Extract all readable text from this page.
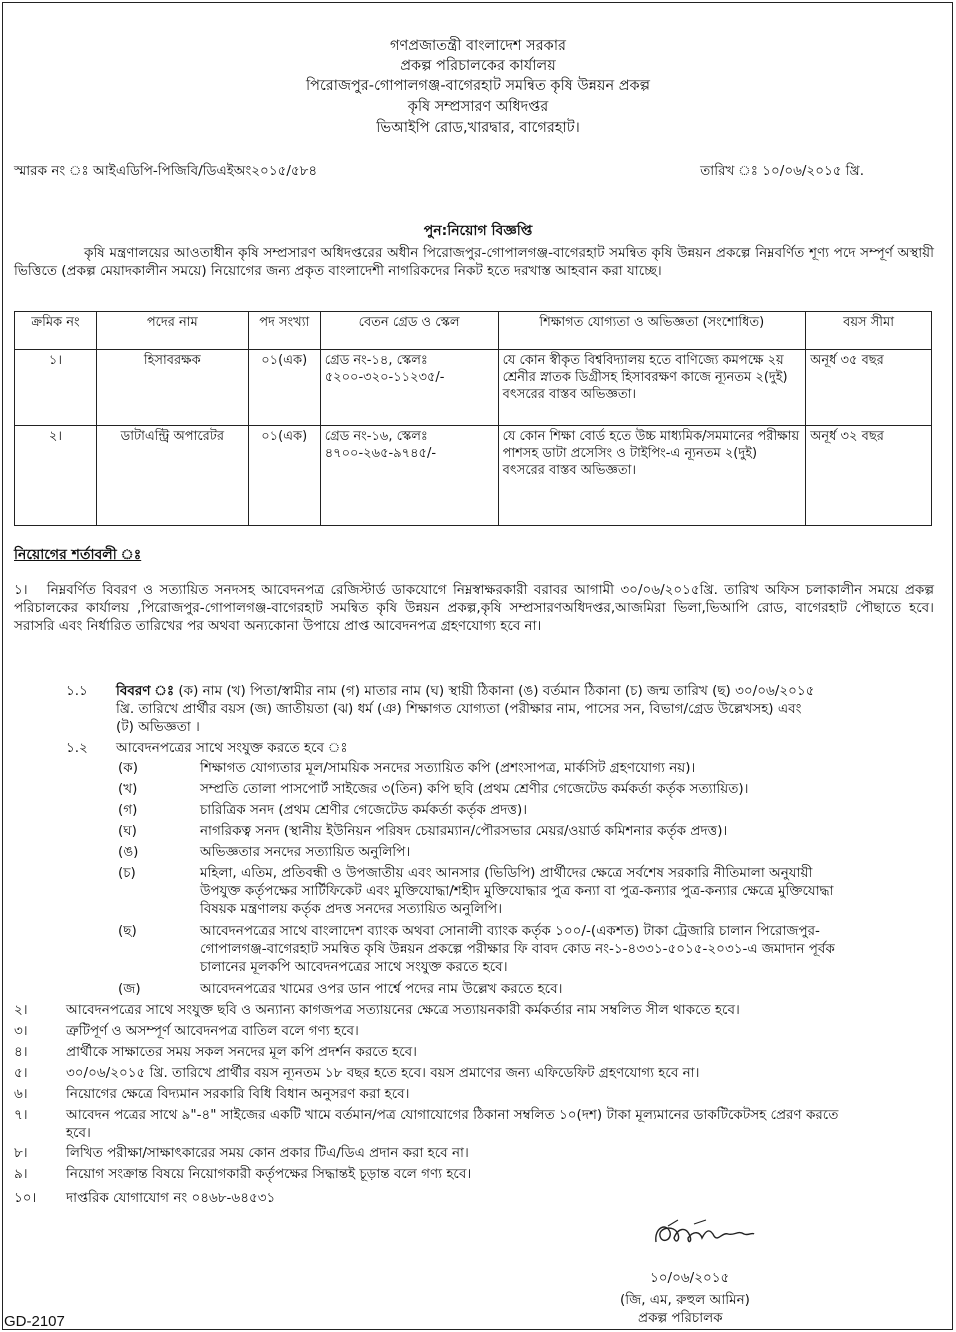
গণপ্রজাতন্ত্রী বাংলাদেশ সরকার
প্রকল্প পরিচালকের কার্যালয়
পিরোজপুর-গোপালগঞ্জ-বাগেরহাট সমন্বিত কৃষি উন্নয়ন প্রকল্প
কৃষি সম্প্রসারণ অধিদপ্তর
ভিআইপি রোড,খারদ্বার, বাগেরহাট।
স্মারক নং ঃ আইএডিপি-পিজিবি/ডিএইঅং২০১৫/৫৮৪	তারিখ ঃ ১০/০৬/২০১৫ খ্রি.
পুন:নিয়োগ বিজ্ঞপ্তি
কৃষি মন্ত্রণালয়ের আওতাধীন কৃষি সম্প্রসারণ অধিদপ্তরের অধীন পিরোজপুর-গোপালগঞ্জ-বাগেরহাট সমন্বিত কৃষি উন্নয়ন প্রকল্পে নিম্নবর্ণিত শূণ্য পদে সম্পূর্ণ অস্থায়ী ভিত্তিতে (প্রকল্প মেয়াদকালীন সময়ে) নিয়োগের জন্য প্রকৃত বাংলাদেশী নাগরিকদের নিকট হতে দরখাস্ত আহবান করা যাচ্ছে।
ক্রমিক নং	পদের নাম	পদ সংখ্যা	বেতন গ্রেড ও স্কেল	শিক্ষাগত যোগ্যতা ও অভিজ্ঞতা (সংশোধিত)	বয়স সীমা
১।	হিসাবরক্ষক	০১(এক)	গ্রেড নং-১৪, স্কেলঃ ৫২০০-৩২০-১১২৩৫/-	যে কোন স্বীকৃত বিশ্ববিদ্যালয় হতে বাণিজ্যে কমপক্ষে ২য় শ্রেনীর স্নাতক ডিগ্রীসহ হিসাবরক্ষণ কাজে ন্যূনতম ২(দুই) বৎসরের বাস্তব অভিজ্ঞতা।	অনূর্ধ ৩৫ বছর
২।	ডাটাএন্ট্রি অপারেটর	০১(এক)	গ্রেড নং-১৬, স্কেলঃ ৪৭০০-২৬৫-৯৭৪৫/-	যে কোন শিক্ষা বোর্ড হতে উচ্চ মাধ্যমিক/সমমানের পরীক্ষায় পাশসহ ডাটা প্রসেসিং ও টাইপিং-এ ন্যূনতম ২(দুই) বৎসরের বাস্তব অভিজ্ঞতা।	অনূর্ধ ৩২ বছর
নিয়োগের শর্তাবলী ঃ
১। নিম্নবর্ণিত বিবরণ ও সত্যায়িত সনদসহ আবেদনপত্র রেজিস্টার্ড ডাকযোগে নিম্নস্বাক্ষরকারী বরাবর আগামী ৩০/০৬/২০১৫খ্রি. তারিখ অফিস চলাকালীন সময়ে প্রকল্প পরিচালকের কার্যালয় ,পিরোজপুর-গোপালগঞ্জ-বাগেরহাট সমন্বিত কৃষি উন্নয়ন প্রকল্প,কৃষি সম্প্রসারণঅধিদপ্তর,আজমিরা ভিলা,ভিআপি রোড, বাগেরহাট পৌছাতে হবে। সরাসরি এবং নির্ধারিত তারিখের পর অথবা অন্যকোনা উপায়ে প্রাপ্ত আবেদনপত্র গ্রহণযোগ্য হবে না।
১.১ বিবরণ ঃ (ক) নাম (খ) পিতা/স্বামীর নাম (গ) মাতার নাম (ঘ) স্থায়ী ঠিকানা (ঙ) বর্তমান ঠিকানা (চ) জন্ম তারিখ (ছ) ৩০/০৬/২০১৫ খ্রি. তারিখে প্রার্থীর বয়স (জ) জাতীয়তা (ঝ) ধর্ম (ঞ) শিক্ষাগত যোগ্যতা (পরীক্ষার নাম, পাসের সন, বিভাগ/গ্রেড উল্লেখসহ) এবং (ট) অভিজ্ঞতা ।
১.২ আবেদনপত্রের সাথে সংযুক্ত করতে হবে ঃ
(ক)	শিক্ষাগত যোগ্যতার মূল/সাময়িক সনদের সত্যায়িত কপি (প্রশংসাপত্র, মার্কসিট গ্রহণযোগ্য নয়)।
(খ)	সম্প্রতি তোলা পাসপোর্ট সাইজের ৩(তিন) কপি ছবি (প্রথম শ্রেণীর গেজেটেড কর্মকর্তা কর্তৃক সত্যায়িত)।
(গ)	চারিত্রিক সনদ (প্রথম শ্রেণীর গেজেটেড কর্মকর্তা কর্তৃক প্রদত্ত)।
(ঘ)	নাগরিকত্ব সনদ (স্থানীয় ইউনিয়ন পরিষদ চেয়ারম্যান/পৌরসভার মেয়র/ওয়ার্ড কমিশনার কর্তৃক প্রদত্ত)।
(ঙ)	অভিজ্ঞতার সনদের সত্যায়িত অনুলিপি।
(চ)	মহিলা, এতিম, প্রতিবন্ধী ও উপজাতীয় এবং আনসার (ভিডিপি) প্রার্থীদের ক্ষেত্রে সর্বশেষ সরকারি নীতিমালা অনুযায়ী উপযুক্ত কর্তৃপক্ষের সার্টিফিকেট এবং মুক্তিযোদ্ধা/শহীদ মুক্তিযোদ্ধার পুত্র কন্যা বা পুত্র-কন্যার পুত্র-কন্যার ক্ষেত্রে মুক্তিযোদ্ধা বিষয়ক মন্ত্রণালয় কর্তৃক প্রদত্ত সনদের সত্যায়িত অনুলিপি।
(ছ)	আবেদনপত্রের সাথে বাংলাদেশ ব্যাংক অথবা সোনালী ব্যাংক কর্তৃক ১০০/-(একশত) টাকা ট্রেজারি চালান পিরোজপুর-গোপালগঞ্জ-বাগেরহাট সমন্বিত কৃষি উন্নয়ন প্রকল্পে পরীক্ষার ফি বাবদ কোড নং-১-৪৩৩১-৫০১৫-২০৩১-এ জমাদান পূর্বক চালানের মূলকপি আবেদনপত্রের সাথে সংযুক্ত করতে হবে।
(জ)	আবেদনপত্রের খামের ওপর ডান পার্শ্বে পদের নাম উল্লেখ করতে হবে।
২।	আবেদনপত্রের সাথে সংযুক্ত ছবি ও অন্যান্য কাগজপত্র সত্যায়নের ক্ষেত্রে সত্যায়নকারী কর্মকর্তার নাম সম্বলিত সীল থাকতে হবে।
৩।	ত্রুটিপূর্ণ ও অসম্পূর্ণ আবেদনপত্র বাতিল বলে গণ্য হবে।
৪।	প্রার্থীকে সাক্ষাতের সময় সকল সনদের মূল কপি প্রদর্শন করতে হবে।
৫।	৩০/০৬/২০১৫ খ্রি. তারিখে প্রার্থীর বয়স ন্যূনতম ১৮ বছর হতে হবে। বয়স প্রমাণের জন্য এফিডেফিট গ্রহণযোগ্য হবে না।
৬।	নিয়োগের ক্ষেত্রে বিদ্যমান সরকারি বিধি বিধান অনুসরণ করা হবে।
৭।	আবেদন পত্রের সাথে ৯"-৪" সাইজের একটি খামে বর্তমান/পত্র যোগাযোগের ঠিকানা সম্বলিত ১০(দশ) টাকা মূল্যমানের ডাকটিকেটসহ প্রেরণ করতে হবে।
৮।	লিখিত পরীক্ষা/সাক্ষাৎকারের সময় কোন প্রকার টিএ/ডিএ প্রদান করা হবে না।
৯।	নিয়োগ সংক্রান্ত বিষয়ে নিয়োগকারী কর্তৃপক্ষের সিদ্ধান্তই চূড়ান্ত বলে গণ্য হবে।
১০। দাপ্তরিক যোগাযোগ নং ০৪৬৮-৬৪৫৩১
১০/০৬/২০১৫
(জি, এম, রুহুল আমিন)
প্রকল্প পরিচালক
GD-2107
